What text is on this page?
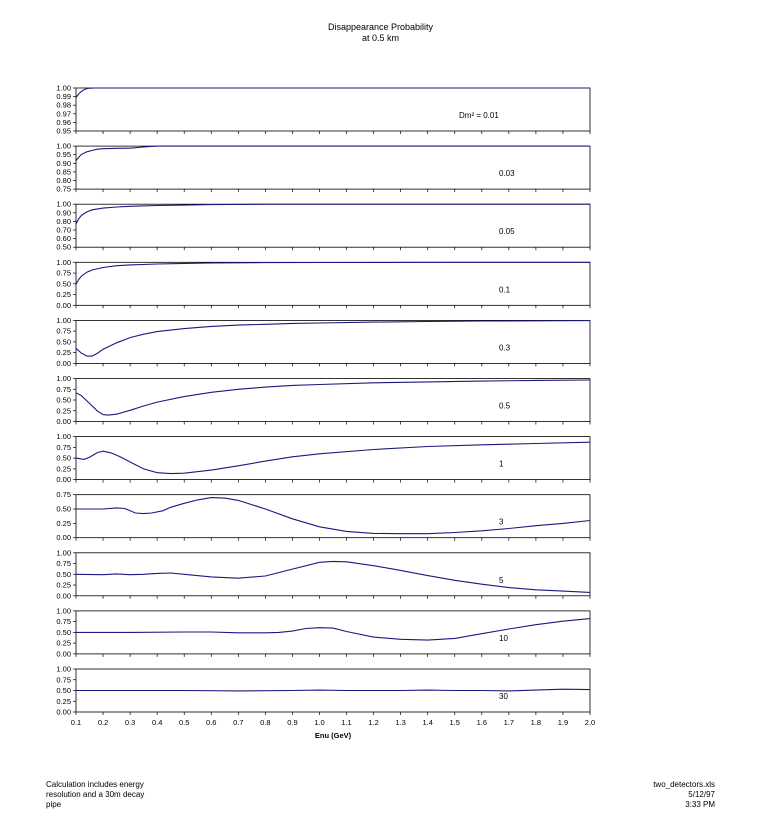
Disappearance Probability
at 0.5 km
1.00
0.99
0.98
0.97
0.96
0.95
Dm² = 0.01
1.00
0.95
0.90
0.85
0.80
0.75
0.03
1.00
0.90
0.80
0.70
0.60
0.50
0.05
1.00
0.75
0.50
0.25
0.00
0.1
1.00
0.75
0.50
0.25
0.00
0.3
1.00
0.75
0.50
0.25
0.00
0.5
1.00
0.75
0.50
0.25
0.00
1
0.75
0.50
0.25
0.00
3
1.00
0.75
0.50
0.25
0.00
5
1.00
0.75
0.50
0.25
0.00
10
1.00
0.75
0.50
0.25
0.00
30
0.1 0.2 0.3 0.4 0.5 0.6 0.7 0.8 0.9 1.0 1.1 1.2 1.3 1.4 1.5 1.6 1.7 1.8 1.9 2.0
Enu (GeV)
Calculation includes energy
resolution and a 30m decay
pipe
two_detectors.xls
5/12/97
3:33 PM
